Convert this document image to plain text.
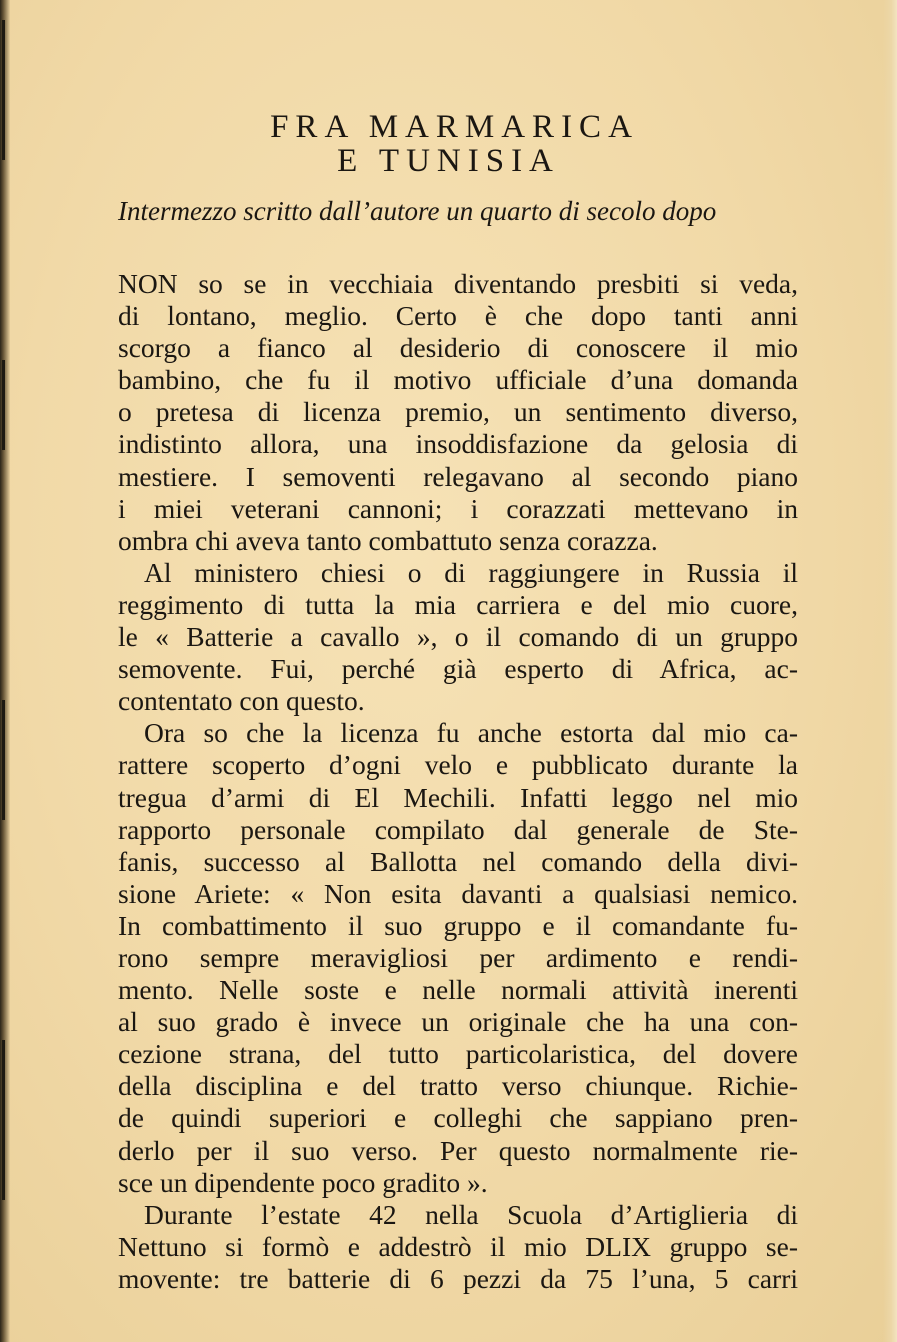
FRA MARMARICA
E TUNISIA
Intermezzo scritto dall’autore un quarto di secolo dopo
NON so se in vecchiaia diventando presbiti si veda,
di lontano, meglio. Certo è che dopo tanti anni
scorgo a fianco al desiderio di conoscere il mio
bambino, che fu il motivo ufficiale d’una domanda
o pretesa di licenza premio, un sentimento diverso,
indistinto allora, una insoddisfazione da gelosia di
mestiere. I semoventi relegavano al secondo piano
i miei veterani cannoni; i corazzati mettevano in
ombra chi aveva tanto combattuto senza corazza.
Al ministero chiesi o di raggiungere in Russia il
reggimento di tutta la mia carriera e del mio cuore,
le « Batterie a cavallo », o il comando di un gruppo
semovente. Fui, perché già esperto di Africa, ac-
contentato con questo.
Ora so che la licenza fu anche estorta dal mio ca-
rattere scoperto d’ogni velo e pubblicato durante la
tregua d’armi di El Mechili. Infatti leggo nel mio
rapporto personale compilato dal generale de Ste-
fanis, successo al Ballotta nel comando della divi-
sione Ariete: « Non esita davanti a qualsiasi nemico.
In combattimento il suo gruppo e il comandante fu-
rono sempre meravigliosi per ardimento e rendi-
mento. Nelle soste e nelle normali attività inerenti
al suo grado è invece un originale che ha una con-
cezione strana, del tutto particolaristica, del dovere
della disciplina e del tratto verso chiunque. Richie-
de quindi superiori e colleghi che sappiano pren-
derlo per il suo verso. Per questo normalmente rie-
sce un dipendente poco gradito ».
Durante l’estate 42 nella Scuola d’Artiglieria di
Nettuno si formò e addestrò il mio DLIX gruppo se-
movente: tre batterie di 6 pezzi da 75 l’una, 5 carri
